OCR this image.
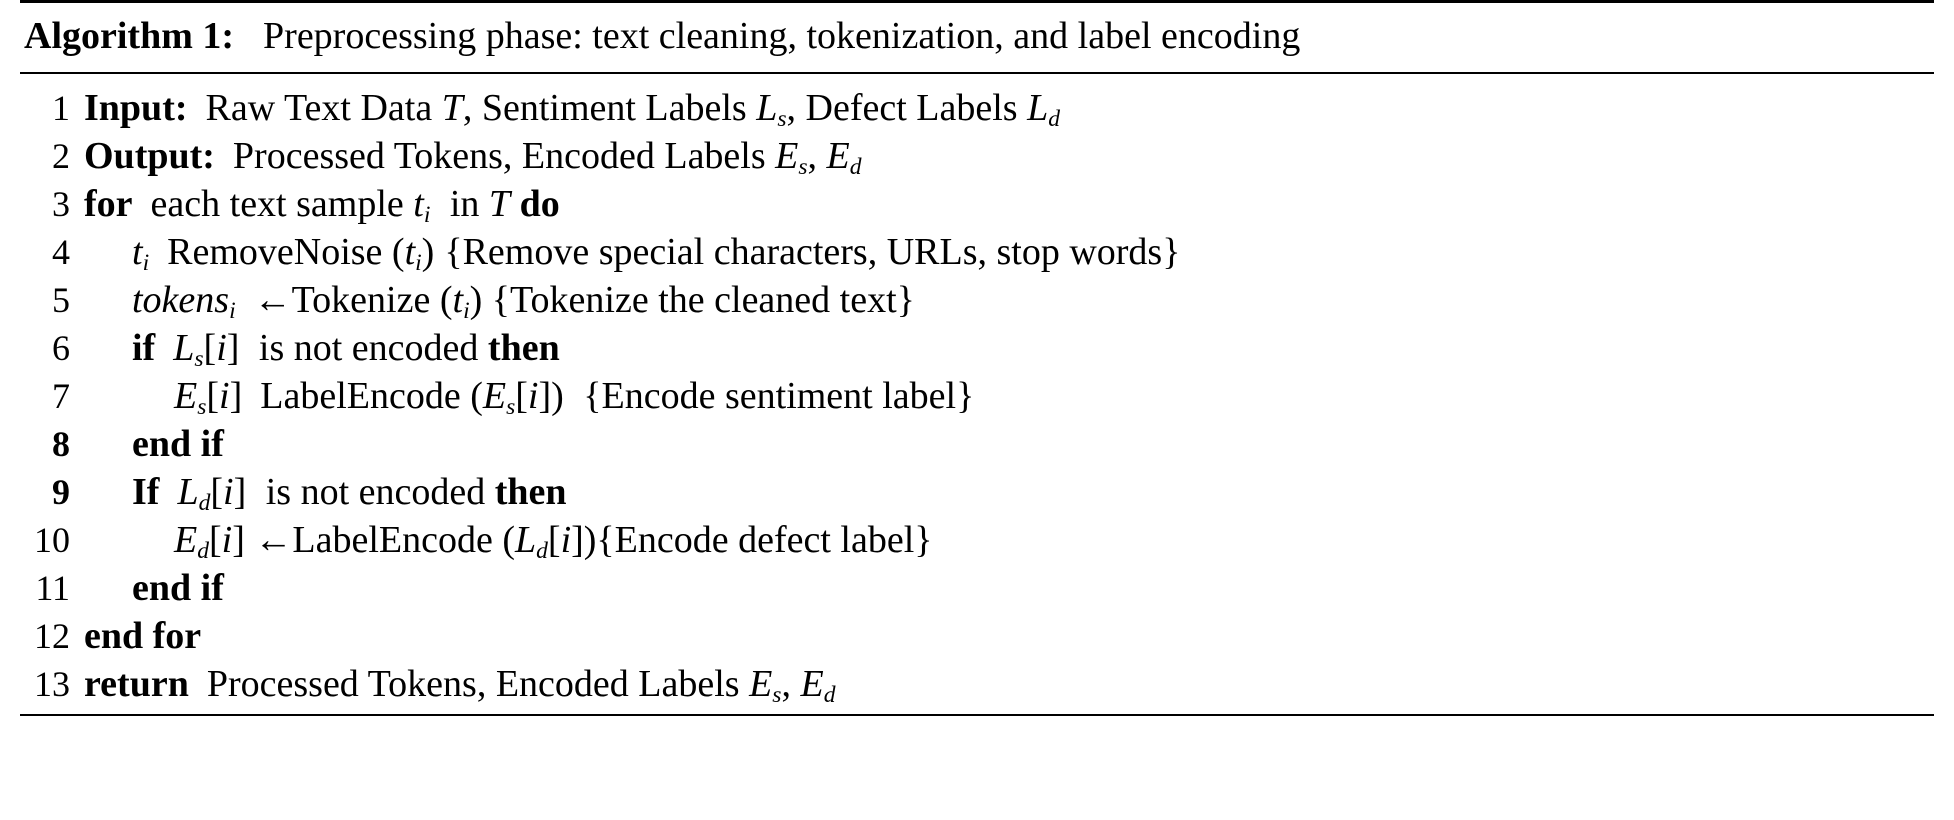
Algorithm 1: Preprocessing phase: text cleaning, tokenization, and label encoding
1 Input: Raw Text Data T, Sentiment Labels $L_s$, Defect Labels $L_d$
2 Output: Processed Tokens, Encoded Labels $E_s$, $E_d$
3 for each text sample $t_i$ in T do
4	$t_i$ RemoveNoise $(t_i)$ {Remove special characters, URLs, stop words}
5	tokens$_i$ ←Tokenize $(t_i)$ {Tokenize the cleaned text}
6	if $L_s[i]$ is not encoded then
7	$E_s[i]$ LabelEncode $(E_s[i])$ {Encode sentiment label}
8	end if
9	If $L_d[i]$ is not encoded then
10	$E_d[i]$ ←LabelEncode $(L_d[i])\{Encode$ defect label}
11	end if
12 end for
13 return Processed Tokens, Encoded Labels $E_s$, $E_d$
